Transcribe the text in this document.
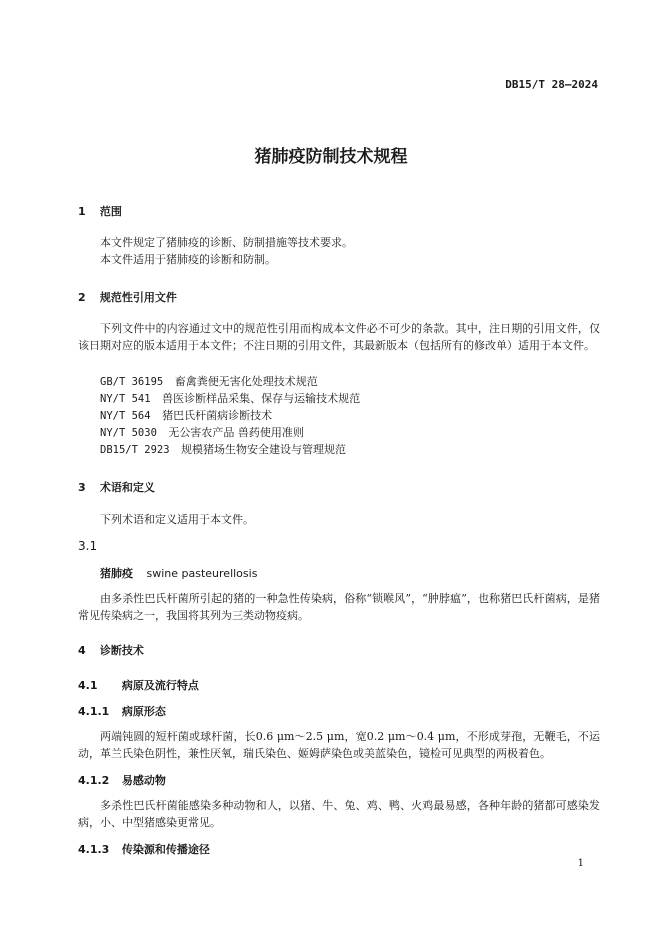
DB15/T 28—2024
猪肺疫防制技术规程
1 范围
本文件规定了猪肺疫的诊断、防制措施等技术要求。
本文件适用于猪肺疫的诊断和防制。
2 规范性引用文件
下列文件中的内容通过文中的规范性引用而构成本文件必不可少的条款。其中，注日期的引用文件，仅该日期对应的版本适用于本文件；不注日期的引用文件，其最新版本（包括所有的修改单）适用于本文件。
GB/T 36195 畜禽粪便无害化处理技术规范
NY/T 541 兽医诊断样品采集、保存与运输技术规范
NY/T 564 猪巴氏杆菌病诊断技术
NY/T 5030 无公害农产品 兽药使用准则
DB15/T 2923 规模猪场生物安全建设与管理规范
3 术语和定义
下列术语和定义适用于本文件。
3.1
猪肺疫 swine pasteurellosis
由多杀性巴氏杆菌所引起的猪的一种急性传染病，俗称“锁喉风”，“肿脖瘟”，也称猪巴氏杆菌病，是猪常见传染病之一，我国将其列为三类动物疫病。
4 诊断技术
4.1 病原及流行特点
4.1.1 病原形态
两端钝圆的短杆菌或球杆菌，长0.6 μm～2.5 μm，宽0.2 μm～0.4 μm，不形成芽孢，无鞭毛，不运动，革兰氏染色阴性，兼性厌氧，瑞氏染色、姬姆萨染色或美蓝染色，镜检可见典型的两极着色。
4.1.2 易感动物
多杀性巴氏杆菌能感染多种动物和人，以猪、牛、兔、鸡、鸭、火鸡最易感，各种年龄的猪都可感染发病，小、中型猪感染更常见。
4.1.3 传染源和传播途径
1
